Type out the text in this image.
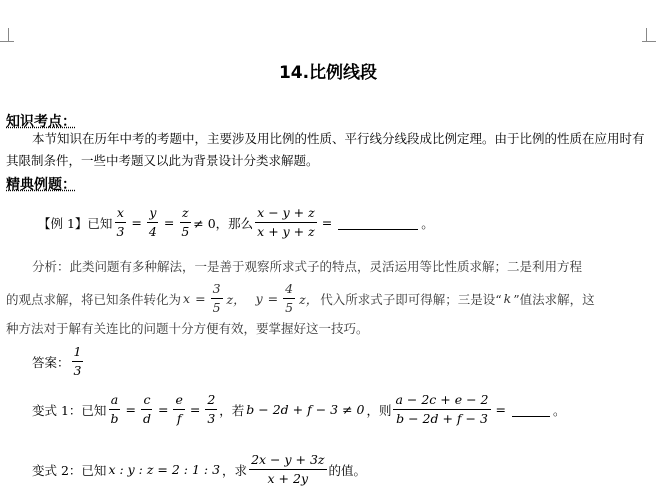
14.比例线段
知识考点：
本节知识在历年中考的考题中，主要涉及用比例的性质、平行线分线段成比例定理。由于比例的性质在应用时有其限制条件，一些中考题又以此为背景设计分类求解题。
精典例题：
【例 1】已知 $\frac{x}{3} = \frac{y}{4} = \frac{z}{5} \ne 0$，那么 $\frac{x - y + z}{x + y + z}$ =	。
分析：此类问题有多种解法，一是善于观察所求式子的特点，灵活运用等比性质求解；二是利用方程
的观点求解，将已知条件转化为 $x = \frac{3}{5}$ z， $y = \frac{4}{5}$ z， 代入所求式子即可得解；三是设“ k ”值法求解，这
种方法对于解有关连比的问题十分方便有效，要掌握好这一技巧。
答案： $\frac{1}{3}$
变式 1：已知 $\frac{a}{b} = \frac{c}{d} = \frac{e}{f} = \frac{2}{3}$ ，若 b − 2d + f − 3 ≠ 0 ，则 $\frac{a - 2c + e - 2}{b - 2d + f - 3}$ =	。
变式 2：已知 x : y : z = 2 : 1 : 3 ，求 $\frac{2x - y + 3z}{x + 2y}$ 的值。
